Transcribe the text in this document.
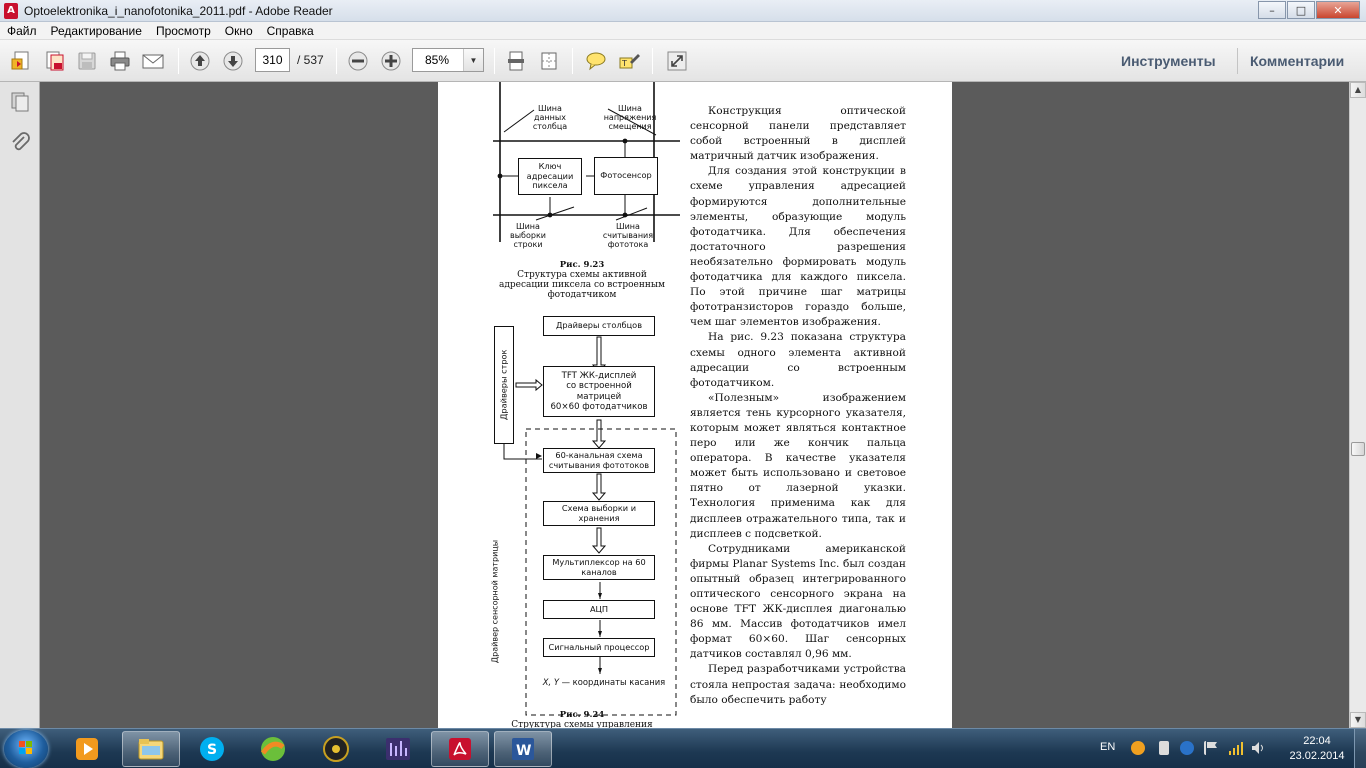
A Optoelektronika_i_nanofotonika_2011.pdf - Adobe Reader	–	□	✕
Файл	Редактирование	Просмотр	Окно	Справка
T
310	/ 537	85%	▼	Инструменты Комментарии
Ключ адресации пиксела
Фотосенсор
Шина данных столбца
Шина напряжения смещения
Шина выборки строки
Шина считывания фототока
Рис. 9.23
Структура схемы активной адресации пиксела со встроенным фотодатчиком
Драйверы столбцов
TFT ЖК-дисплей
со встроенной матрицей
60×60 фотодатчиков
Драйверы строк
60-канальная схема считывания фототоков
Схема выборки и хранения
Мультиплексор на 60 каналов
АЦП
Сигнальный процессор
Драйвер сенсорной матрицы
X, Y — координаты касания
Рис. 9.24
Структура схемы управления

Конструкция оптической сенсорной панели представляет собой встроенный в дисплей матричный датчик изображения.

Для создания этой конструкции в схеме управления адресацией формируются дополнительные элементы, образующие модуль фотодатчика. Для обеспечения достаточного разрешения необязательно формировать модуль фотодатчика для каждого пиксела. По этой причине шаг матрицы фототранзисторов гораздо больше, чем шаг элементов изображения.

На рис. 9.23 показана структура схемы одного элемента активной адресации со встроенным фотодатчиком.

«Полезным» изображением является тень курсорного указателя, которым может являться контактное перо или же кончик пальца оператора. В качестве указателя может быть использовано и световое пятно от лазерной указки. Технология применима как для дисплеев отражательного типа, так и дисплеев с подсветкой.

Сотрудниками американской фирмы Planar Systems Inc. был создан опытный образец интегрированного оптического сенсорного экрана на основе TFT ЖК-дисплея диагональю 86 мм. Массив фотодатчиков имел формат 60×60. Шаг сенсорных датчиков составлял 0,96 мм.

Перед разработчиками устройства стояла непростая задача: необходимо было обеспечить работу

▲
▼
S	W	EN	22:04
23.02.2014
